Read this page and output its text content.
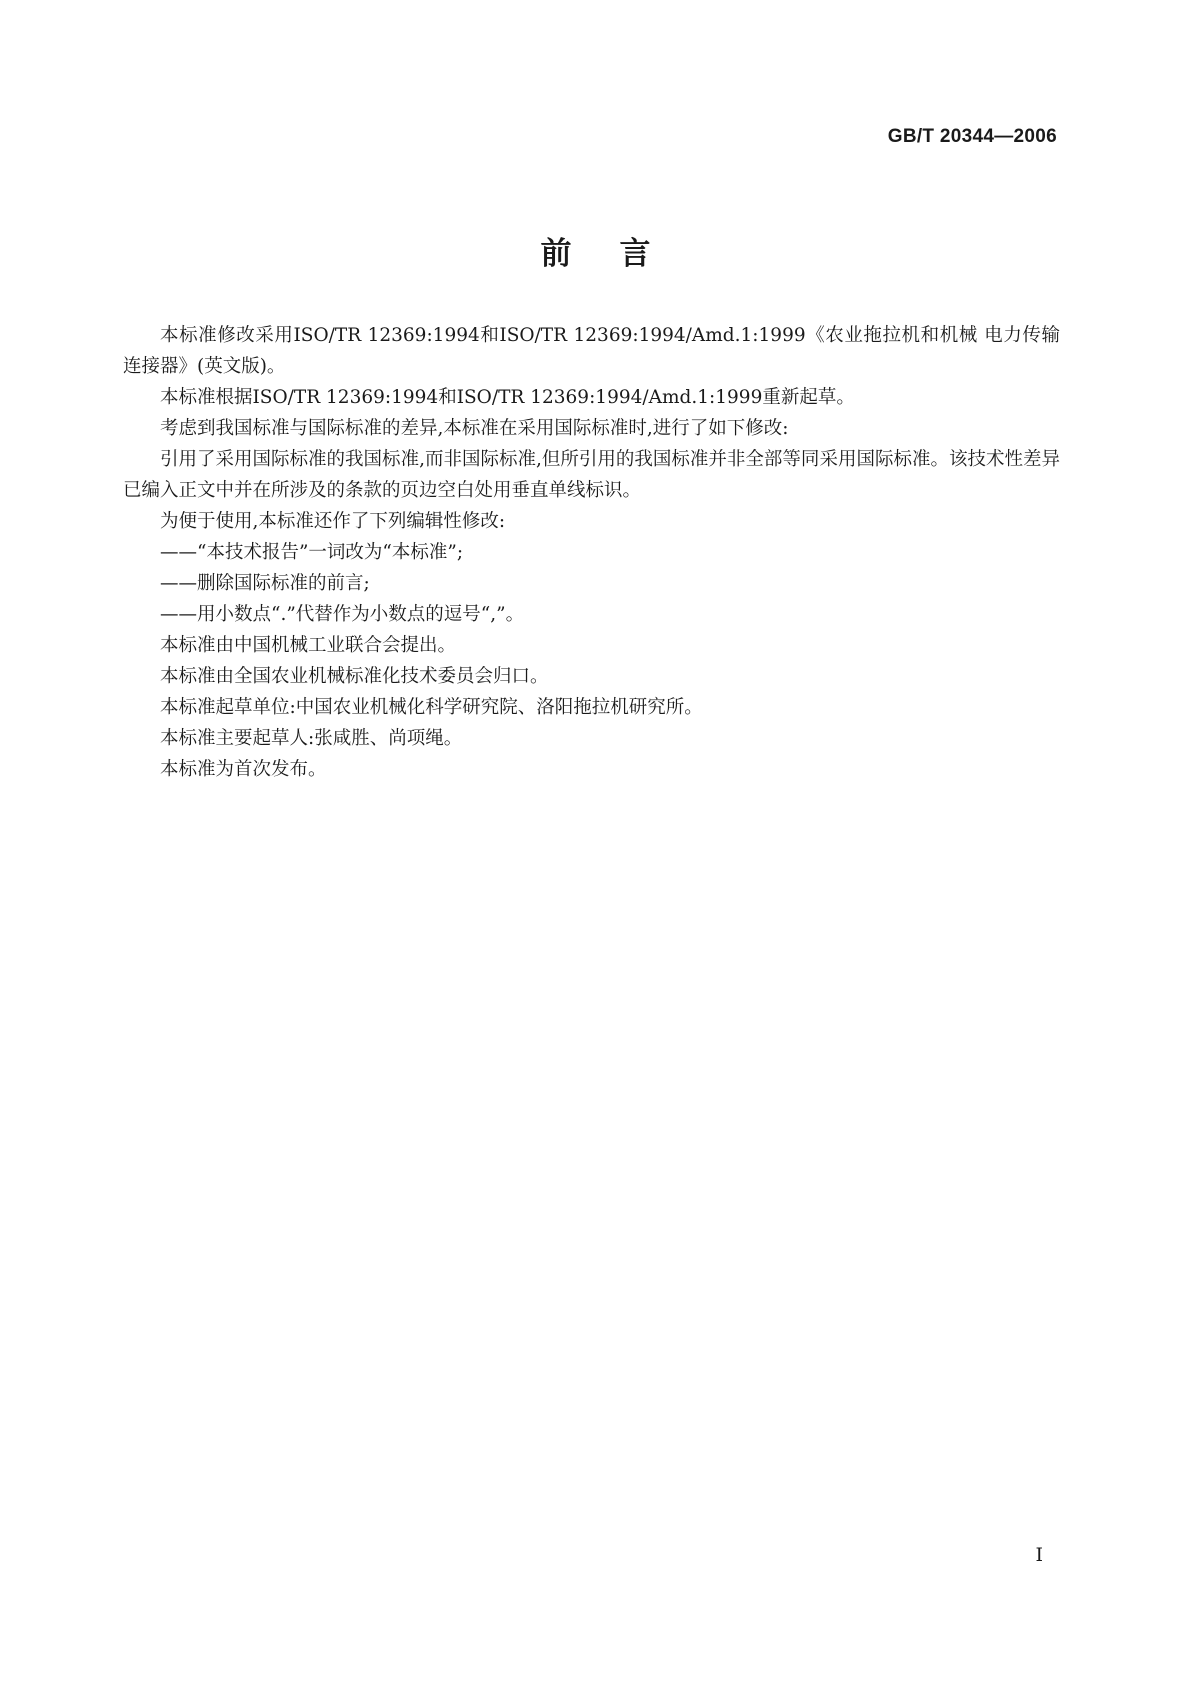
GB/T 20344—2006

前言

本标准修改采用ISO/TR 12369:1994和ISO/TR 12369:1994/Amd.1:1999《农业拖拉机和机械 电力传输连接器》(英文版)。

本标准根据ISO/TR 12369:1994和ISO/TR 12369:1994/Amd.1:1999重新起草。

考虑到我国标准与国际标准的差异,本标准在采用国际标准时,进行了如下修改:

引用了采用国际标准的我国标准,而非国际标准,但所引用的我国标准并非全部等同采用国际标准。该技术性差异已编入正文中并在所涉及的条款的页边空白处用垂直单线标识。

为便于使用,本标准还作了下列编辑性修改:

——“本技术报告”一词改为“本标准”;

——删除国际标准的前言;

——用小数点“.”代替作为小数点的逗号“,”。

本标准由中国机械工业联合会提出。

本标准由全国农业机械标准化技术委员会归口。

本标准起草单位:中国农业机械化科学研究院、洛阳拖拉机研究所。

本标准主要起草人:张咸胜、尚项绳。

本标准为首次发布。

I
